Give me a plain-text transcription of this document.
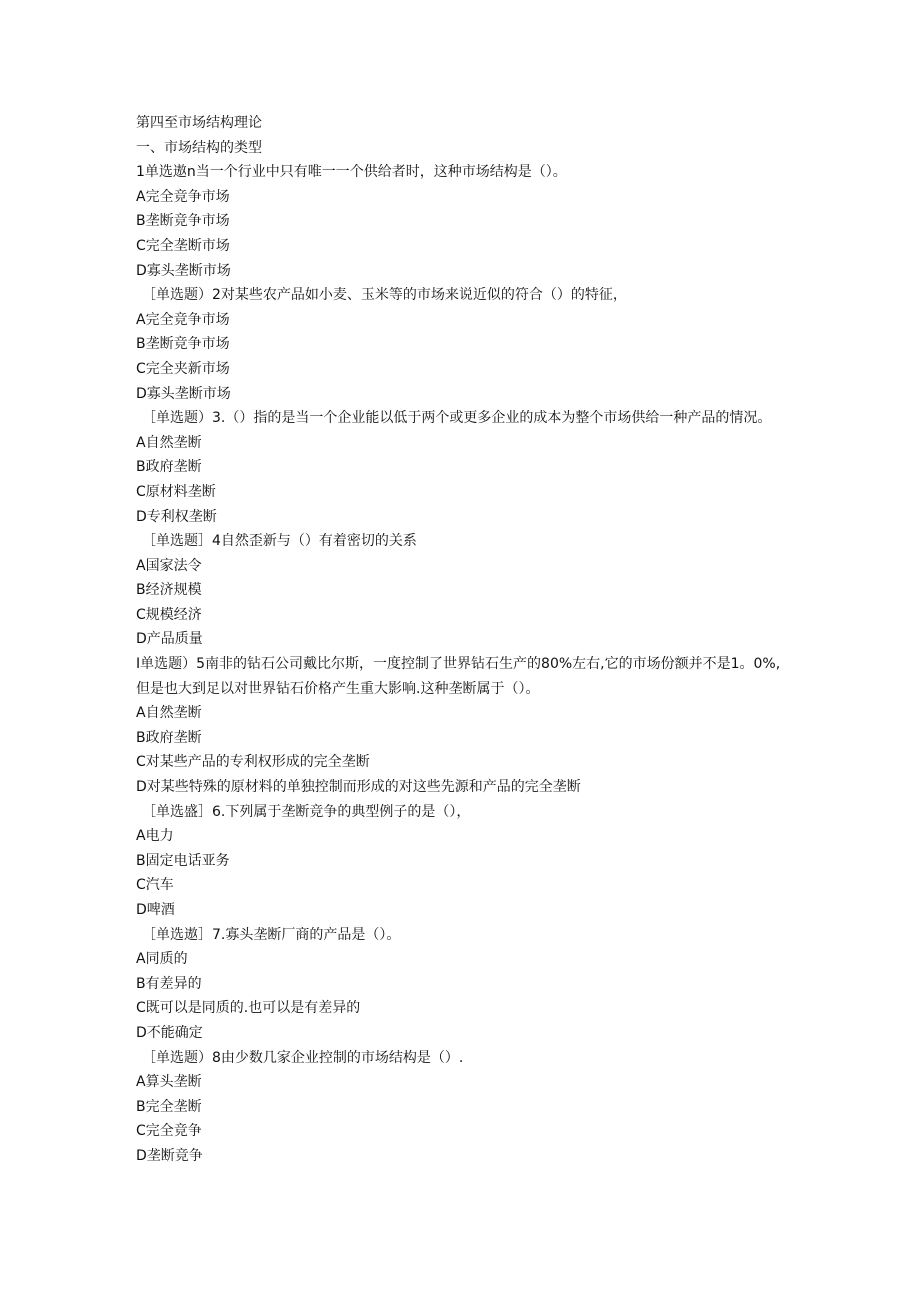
第四至市场结构理论
一、市场结构的类型
1单选遨n当一个行业中只有唯一一个供给者时，这种市场结构是（）。
A完全竞争市场
B垄断竞争市场
C完全垄断市场
D寡头垄断市场
［单选题）2对某些农产品如小麦、玉米等的市场来说近似的符合（）的特征，
A完全竞争市场
B垄断竞争市场
C完全夹新市场
D寡头垄断市场
［单选题）3.（）指的是当一个企业能以低于两个或更多企业的成本为整个市场供给一种产品的情况。
A自然垄断
B政府垄断
C原材料垄断
D专利权垄断
［单选题］4自然歪新与（）有着密切的关系
A国家法令
B经济规模
C规模经济
D产品质量
I单选题）5南非的钻石公司戴比尔斯，一度控制了世界钻石生产的80%左右,它的市场份额并不是1。0%,但是也大到足以对世界钻石价格产生重大影响.这种垄断属于（）。
A自然垄断
B政府垄断
C对某些产品的专利权形成的完全垄断
D对某些特殊的原材料的单独控制而形成的对这些先源和产品的完全垄断
［单选盛］6.下列属于垄断竞争的典型例子的是（），
A电力
B固定电话亚务
C汽车
D啤酒
［单选遨］7.寡头垄断厂商的产品是（）。
A同质的
B有差异的
C既可以是同质的.也可以是有差异的
D不能确定
［单选题）8由少数几家企业控制的市场结构是（）.
A算头垄断
B完全垄断
C完全竞争
D垄断竞争
